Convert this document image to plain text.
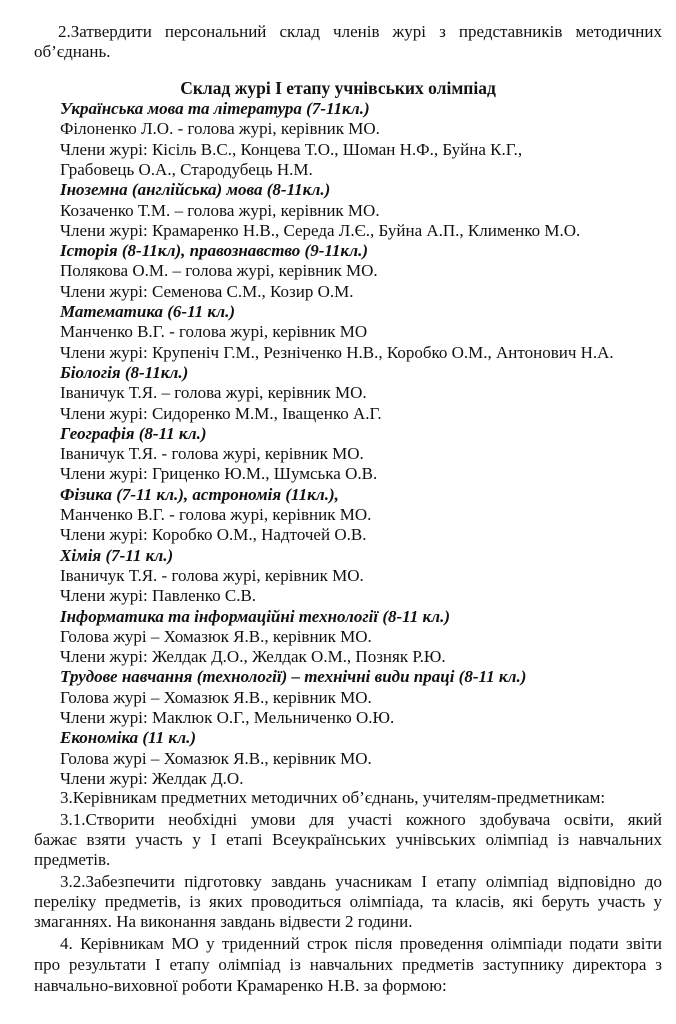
2.Затвердити персональний склад членів журі з представників методичних
об’єднань.
Склад журі I етапу учнівських олімпіад
Українська мова та література (7-11кл.)
Філоненко Л.О. - голова журі, керівник МО.
Члени журі: Кісіль В.С., Концева Т.О., Шоман Н.Ф., Буйна К.Г.,
Грабовець О.А., Стародубець Н.М.
Іноземна (англійська) мова (8-11кл.)
Козаченко Т.М. – голова журі, керівник МО.
Члени журі: Крамаренко Н.В., Середа Л.Є., Буйна А.П., Клименко М.О.
Історія (8-11кл), правознавство (9-11кл.)
Полякова О.М. – голова журі, керівник МО.
Члени журі: Семенова С.М., Козир О.М.
Математика (6-11 кл.)
Манченко В.Г. - голова журі, керівник МО
Члени журі: Крупеніч Г.М., Резніченко Н.В., Коробко О.М., Антонович Н.А.
Біологія (8-11кл.)
Іваничук Т.Я. – голова журі, керівник МО.
Члени журі: Сидоренко М.М., Іващенко А.Г.
Географія (8-11 кл.)
Іваничук Т.Я. - голова журі, керівник МО.
Члени журі: Гриценко Ю.М., Шумська О.В.
Фізика (7-11 кл.), астрономія (11кл.),
Манченко В.Г. - голова журі, керівник МО.
Члени журі: Коробко О.М., Надточей О.В.
Хімія (7-11 кл.)
Іваничук Т.Я. - голова журі, керівник МО.
Члени журі: Павленко С.В.
Інформатика та інформаційні технології (8-11 кл.)
Голова журі – Хомазюк Я.В., керівник МО.
Члени журі: Желдак Д.О., Желдак О.М., Позняк Р.Ю.
Трудове навчання (технології) – технічні види праці (8-11 кл.)
Голова журі – Хомазюк Я.В., керівник МО.
Члени журі: Маклюк О.Г., Мельниченко О.Ю.
Економіка (11 кл.)
Голова журі – Хомазюк Я.В., керівник МО.
Члени журі: Желдак Д.О.
3.Керівникам предметних методичних об’єднань, учителям-предметникам:
3.1.Створити необхідні умови для участі кожного здобувача освіти, який
бажає взяти участь у I етапі Всеукраїнських учнівських олімпіад із навчальних
предметів.
3.2.Забезпечити підготовку завдань учасникам I етапу олімпіад відповідно до
переліку предметів, із яких проводиться олімпіада, та класів, які беруть участь у
змаганнях. На виконання завдань відвести 2 години.
4. Керівникам МО у триденний строк після проведення олімпіади подати звіти
про результати I етапу олімпіад із навчальних предметів заступнику директора з
навчально-виховної роботи Крамаренко Н.В. за формою:
